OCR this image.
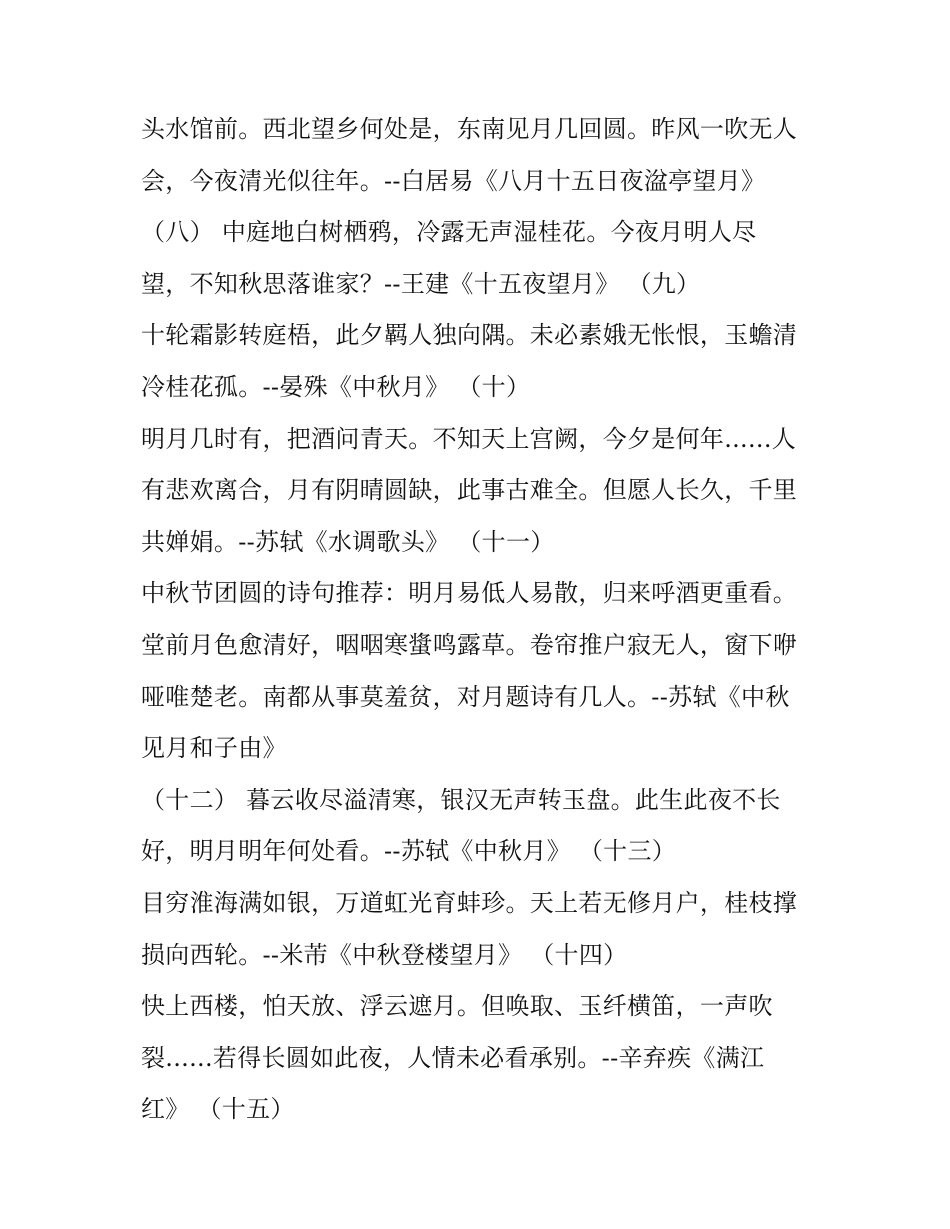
头水馆前。西北望乡何处是，东南见月几回圆。昨风一吹无人
会，今夜清光似往年。--白居易《八月十五日夜湓亭望月》
（八） 中庭地白树栖鸦，冷露无声湿桂花。今夜月明人尽
望，不知秋思落谁家？--王建《十五夜望月》 （九）
十轮霜影转庭梧，此夕羁人独向隅。未必素娥无怅恨，玉蟾清
冷桂花孤。--晏殊《中秋月》 （十）
明月几时有，把酒问青天。不知天上宫阙，今夕是何年......人
有悲欢离合，月有阴晴圆缺，此事古难全。但愿人长久，千里
共婵娟。--苏轼《水调歌头》 （十一）
中秋节团圆的诗句推荐：明月易低人易散，归来呼酒更重看。
堂前月色愈清好，咽咽寒螀鸣露草。卷帘推户寂无人，窗下咿
哑唯楚老。南都从事莫羞贫，对月题诗有几人。--苏轼《中秋
见月和子由》
（十二） 暮云收尽溢清寒，银汉无声转玉盘。此生此夜不长
好，明月明年何处看。--苏轼《中秋月》 （十三）
目穷淮海满如银，万道虹光育蚌珍。天上若无修月户，桂枝撑
损向西轮。--米芾《中秋登楼望月》 （十四）
快上西楼，怕天放、浮云遮月。但唤取、玉纤横笛，一声吹
裂......若得长圆如此夜，人情未必看承别。--辛弃疾《满江
红》 （十五）
